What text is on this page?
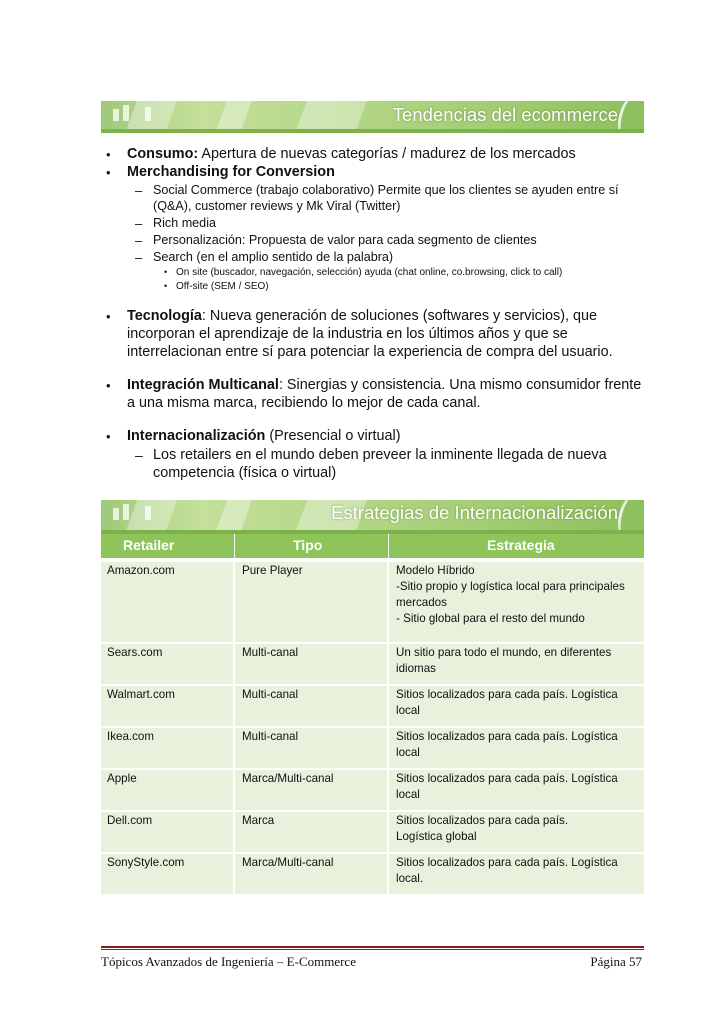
Tendencias del ecommerce
• Consumo: Apertura de nuevas categorías / madurez de los mercados
• Merchandising for Conversion
– Social Commerce (trabajo colaborativo) Permite que los clientes se ayuden entre sí
(Q&A), customer reviews y Mk Viral (Twitter)
– Rich media
– Personalización: Propuesta de valor para cada segmento de clientes
– Search (en el amplio sentido de la palabra)
• On site (buscador, navegación, selección) ayuda (chat online, co.browsing, click to call)
• Off-site (SEM / SEO)
• Tecnología: Nueva generación de soluciones (softwares y servicios), que
incorporan el aprendizaje de la industria en los últimos años y que se
interrelacionan entre sí para potenciar la experiencia de compra del usuario.
• Integración Multicanal: Sinergias y consistencia. Una mismo consumidor frente
a una misma marca, recibiendo lo mejor de cada canal.
• Internacionalización (Presencial o virtual)
– Los retailers en el mundo deben preveer la inminente llegada de nueva
competencia (física o virtual)
Estrategias de Internacionalización
Retailer	Tipo	Estrategia
Amazon.com	Pure Player	Modelo Híbrido
-Sitio propio y logística local para principales
mercados
- Sitio global para el resto del mundo
Sears.com	Multi-canal	Un sitio para todo el mundo, en diferentes
idiomas
Walmart.com	Multi-canal	Sitios localizados para cada país. Logística
local
Ikea.com	Multi-canal	Sitios localizados para cada país. Logística
local
Apple	Marca/Multi-canal	Sitios localizados para cada país. Logística
local
Dell.com	Marca	Sitios localizados para cada país.
Logística global
SonyStyle.com	Marca/Multi-canal	Sitios localizados para cada país. Logística
local.
Tópicos Avanzados de Ingeniería – E-Commerce	Página 57
